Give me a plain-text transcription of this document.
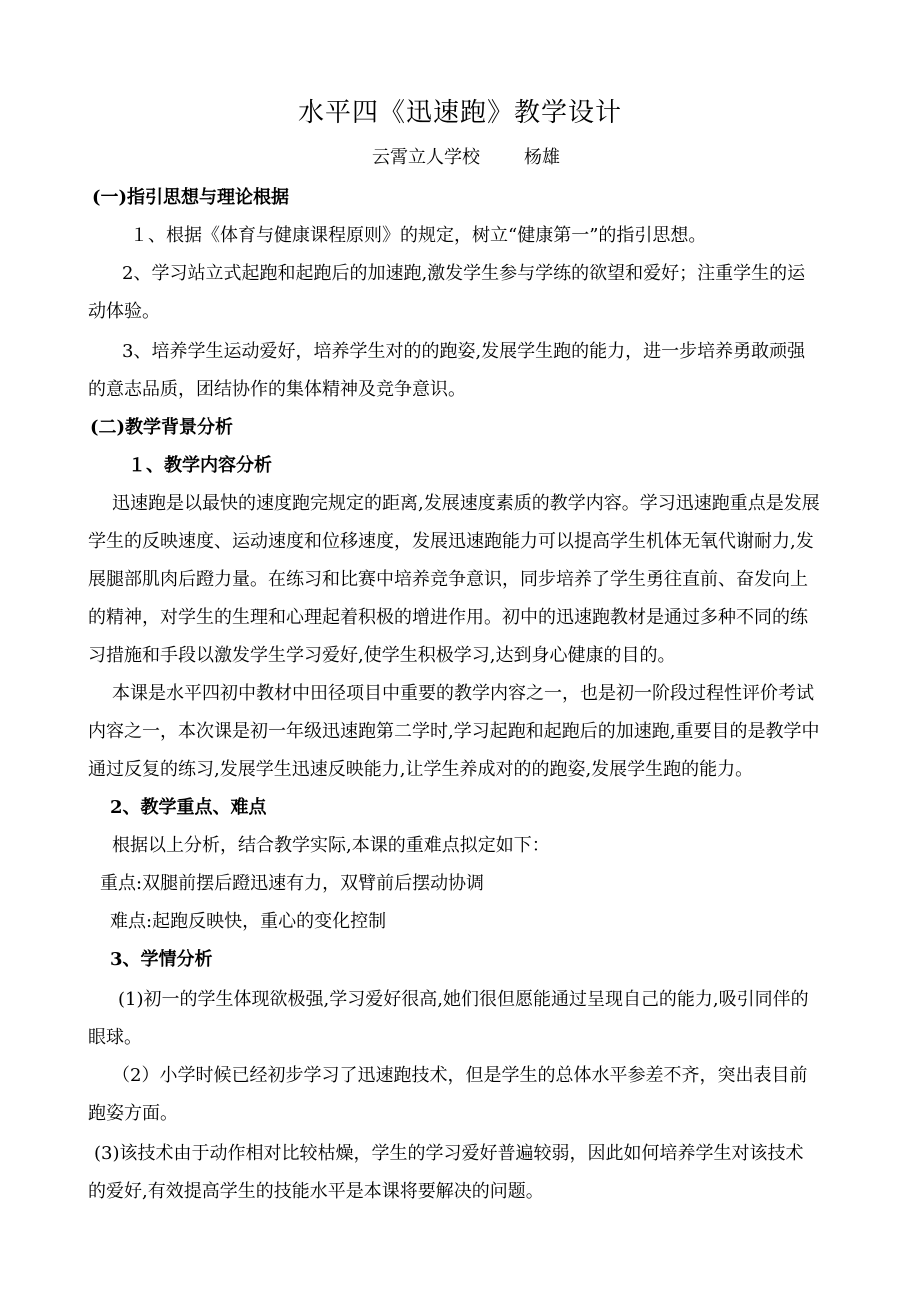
水平四《迅速跑》教学设计
云霄立人学校 杨雄
(一)指引思想与理论根据
１、根据《体育与健康课程原则》的规定，树立“健康第一”的指引思想。
2、学习站立式起跑和起跑后的加速跑,激发学生参与学练的欲望和爱好；注重学生的运
动体验。
3、培养学生运动爱好，培养学生对的的跑姿,发展学生跑的能力，进一步培养勇敢顽强
的意志品质，团结协作的集体精神及竞争意识。
(二)教学背景分析
１、教学内容分析
迅速跑是以最快的速度跑完规定的距离,发展速度素质的教学内容。学习迅速跑重点是发展
学生的反映速度、运动速度和位移速度，发展迅速跑能力可以提高学生机体无氧代谢耐力,发
展腿部肌肉后蹬力量。在练习和比赛中培养竞争意识，同步培养了学生勇往直前、奋发向上
的精神，对学生的生理和心理起着积极的增进作用。初中的迅速跑教材是通过多种不同的练
习措施和手段以激发学生学习爱好,使学生积极学习,达到身心健康的目的。
本课是水平四初中教材中田径项目中重要的教学内容之一，也是初一阶段过程性评价考试
内容之一，本次课是初一年级迅速跑第二学时,学习起跑和起跑后的加速跑,重要目的是教学中
通过反复的练习,发展学生迅速反映能力,让学生养成对的的跑姿,发展学生跑的能力。
2、教学重点、难点
根据以上分析，结合教学实际,本课的重难点拟定如下：
重点:双腿前摆后蹬迅速有力，双臂前后摆动协调
难点:起跑反映快，重心的变化控制
3、学情分析
(1)初一的学生体现欲极强,学习爱好很高,她们很但愿能通过呈现自己的能力,吸引同伴的
眼球。
（2）小学时候已经初步学习了迅速跑技术，但是学生的总体水平参差不齐，突出表目前
跑姿方面。
(3)该技术由于动作相对比较枯燥，学生的学习爱好普遍较弱，因此如何培养学生对该技术
的爱好,有效提高学生的技能水平是本课将要解决的问题。
